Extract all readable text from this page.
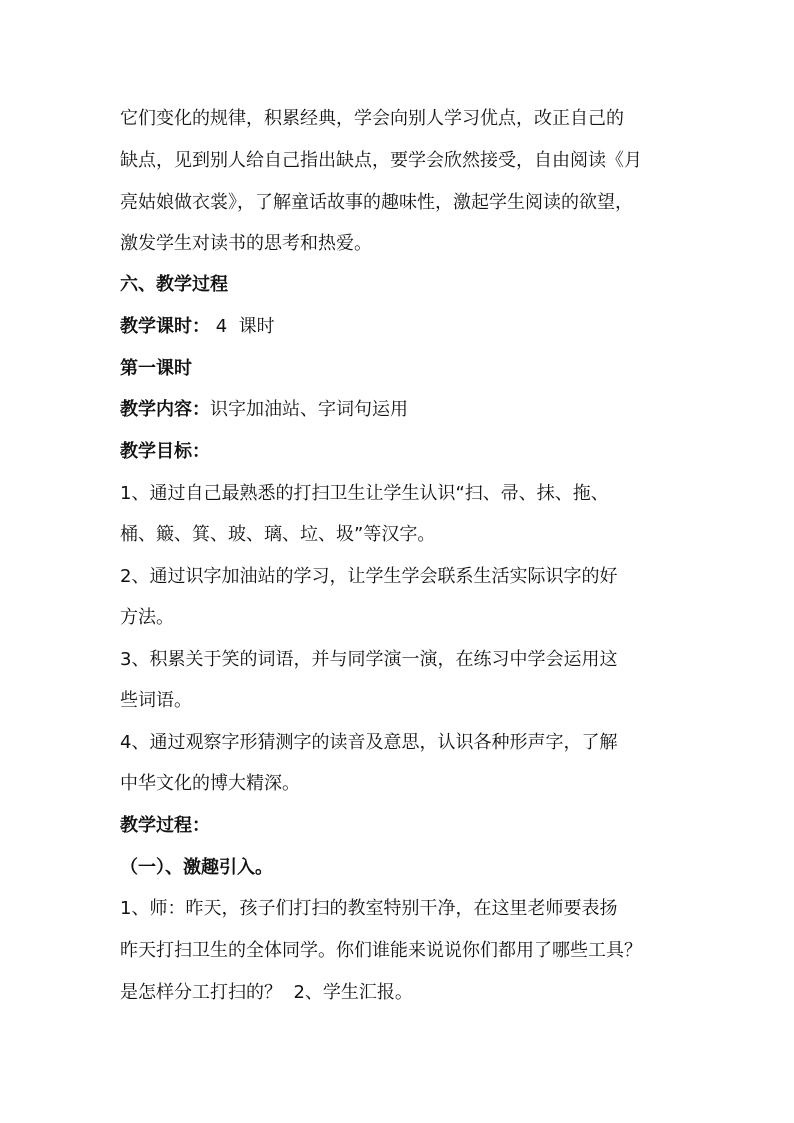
它们变化的规律，积累经典，学会向别人学习优点，改正自己的
缺点，见到别人给自己指出缺点，要学会欣然接受，自由阅读《月
亮姑娘做衣裳》，了解童话故事的趣味性，激起学生阅读的欲望，
激发学生对读书的思考和热爱。
六、教学过程
教学课时： 4  课时
第一课时
教学内容：识字加油站、字词句运用
教学目标：
1、通过自己最熟悉的打扫卫生让学生认识“扫、帚、抹、拖、
桶、簸、箕、玻、璃、垃、圾”等汉字。
2、通过识字加油站的学习，让学生学会联系生活实际识字的好
方法。
3、积累关于笑的词语，并与同学演一演，在练习中学会运用这
些词语。
4、通过观察字形猜测字的读音及意思，认识各种形声字，了解
中华文化的博大精深。
教学过程：
（一）、激趣引入。
1、师：昨天，孩子们打扫的教室特别干净，在这里老师要表扬
昨天打扫卫生的全体同学。你们谁能来说说你们都用了哪些工具？
是怎样分工打扫的？  2、学生汇报。
